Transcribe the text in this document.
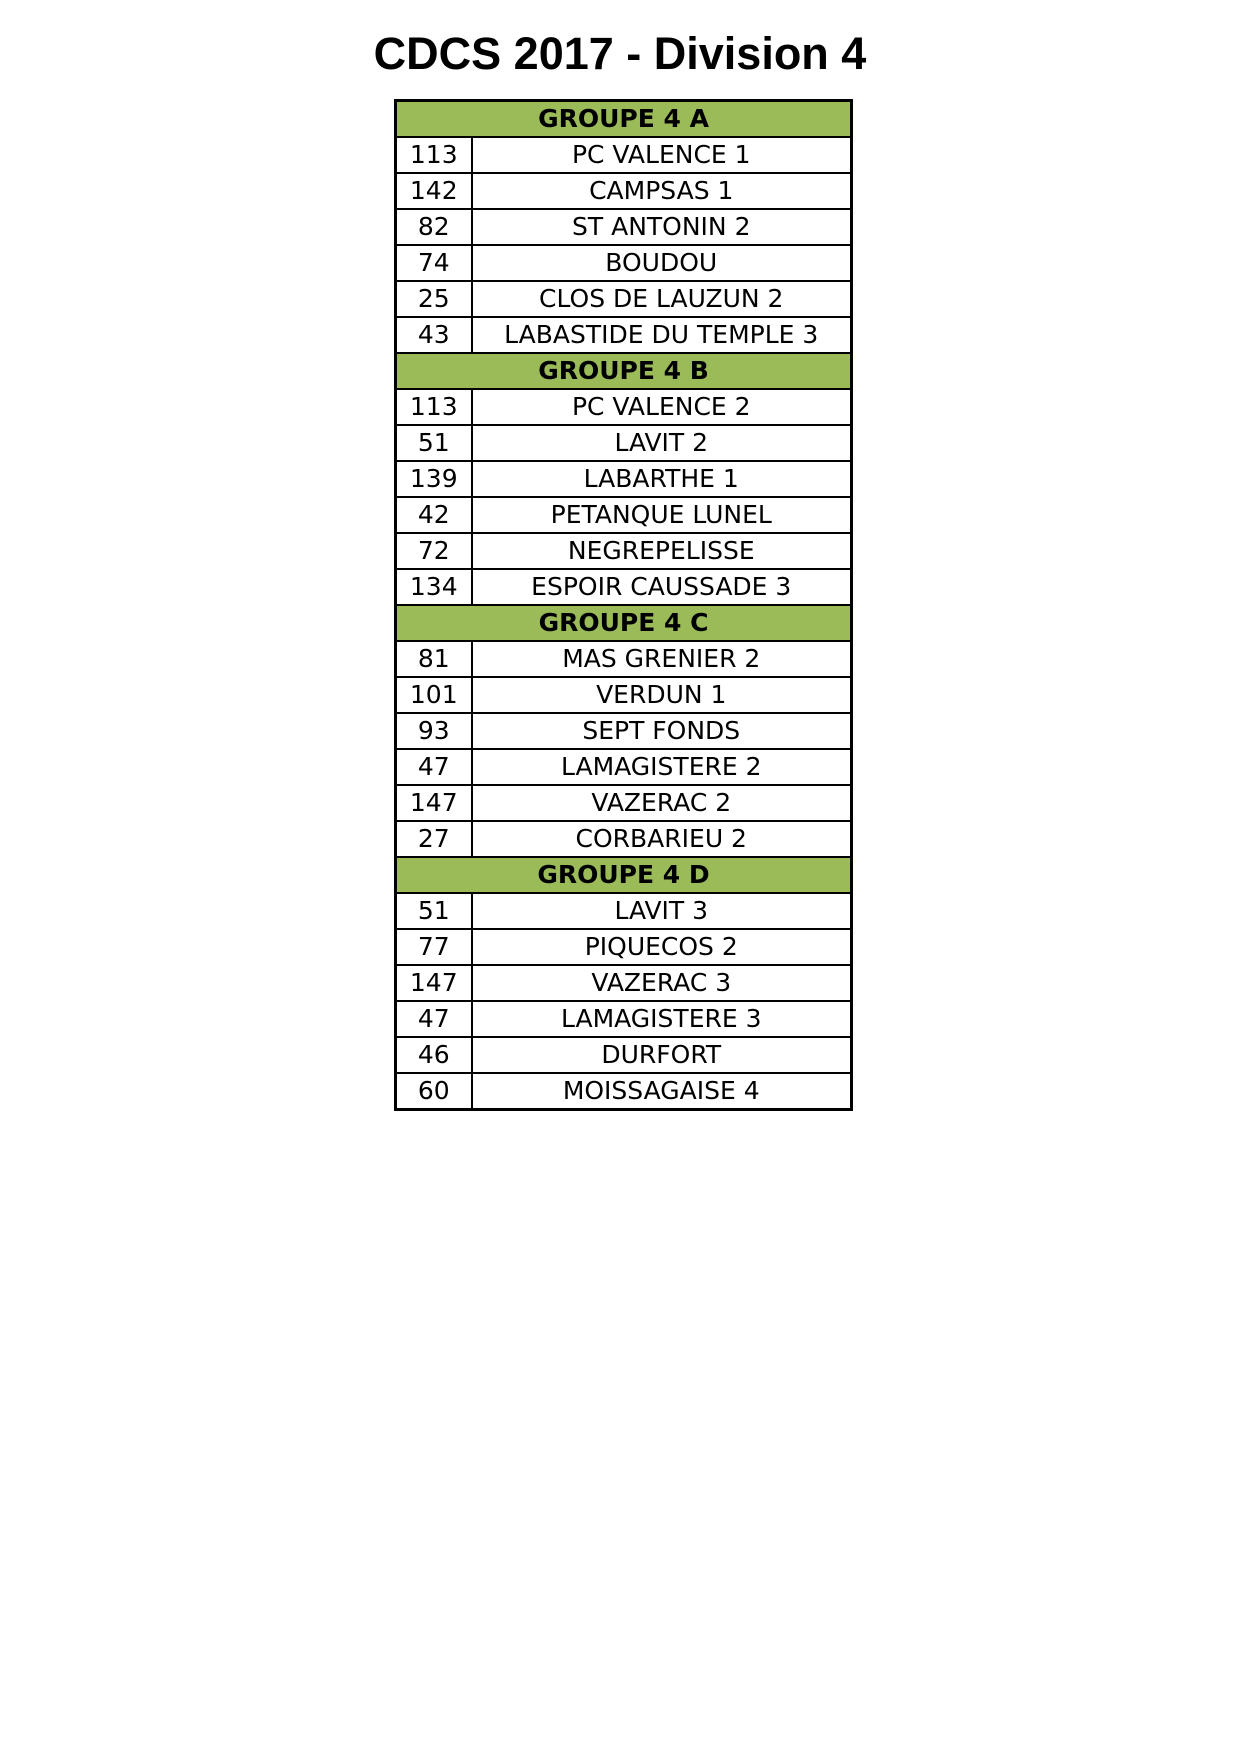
CDCS 2017 - Division 4
GROUPE 4 A	
113	PC VALENCE 1
142	CAMPSAS 1
82	ST ANTONIN 2
74	BOUDOU
25	CLOS DE LAUZUN 2
43	LABASTIDE DU TEMPLE 3
GROUPE 4 B	
113	PC VALENCE 2
51	LAVIT 2
139	LABARTHE 1
42	PETANQUE LUNEL
72	NEGREPELISSE
134	ESPOIR CAUSSADE 3
GROUPE 4 C	
81	MAS GRENIER 2
101	VERDUN 1
93	SEPT FONDS
47	LAMAGISTERE 2
147	VAZERAC 2
27	CORBARIEU 2
GROUPE 4 D	
51	LAVIT 3
77	PIQUECOS 2
147	VAZERAC 3
47	LAMAGISTERE 3
46	DURFORT
60	MOISSAGAISE 4
